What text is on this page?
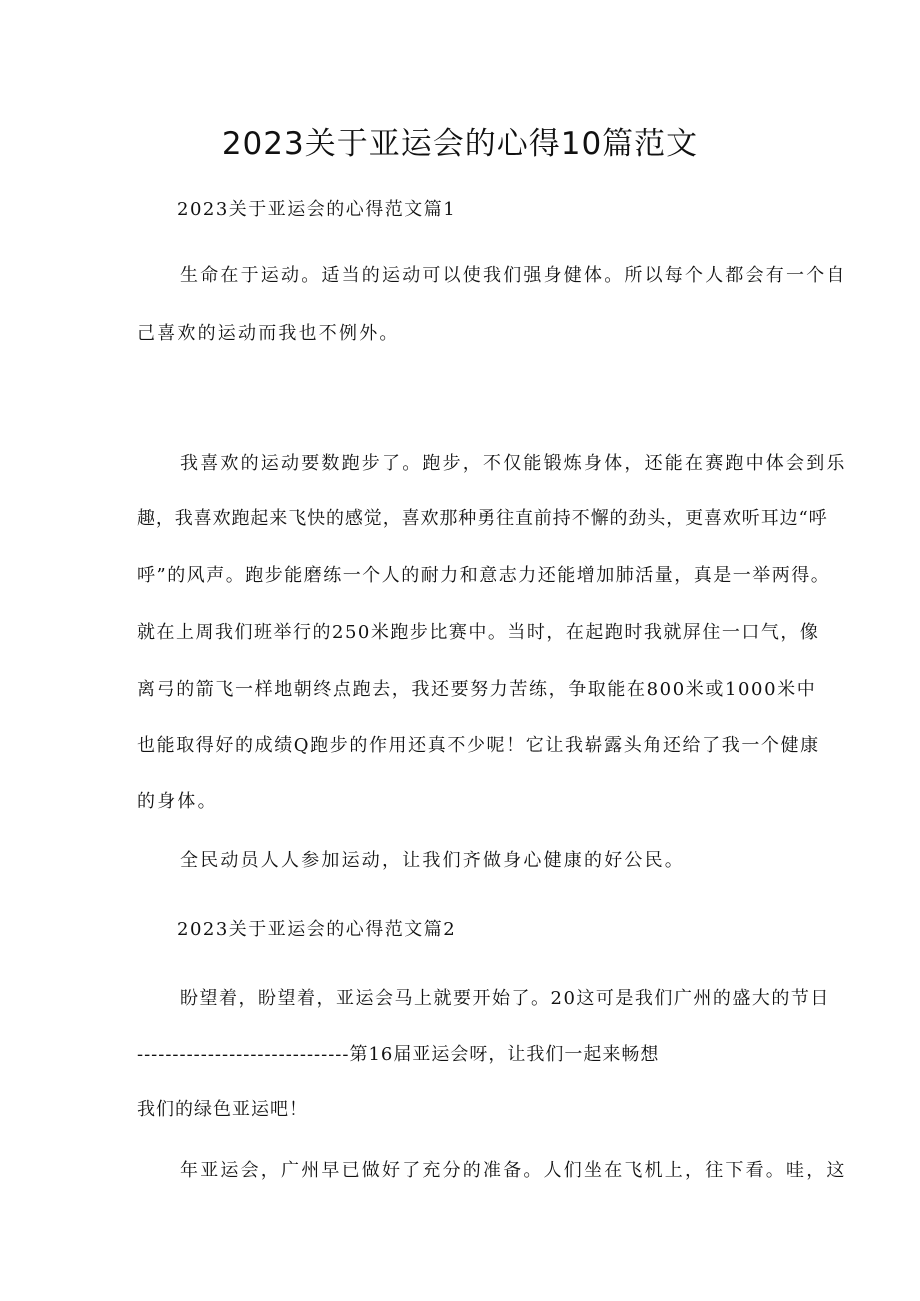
2023关于亚运会的心得10篇范文

2023关于亚运会的心得范文篇1

生命在于运动。适当的运动可以使我们强身健体。所以每个人都会有一个自

己喜欢的运动而我也不例外。

我喜欢的运动要数跑步了。跑步，不仅能锻炼身体，还能在赛跑中体会到乐

趣，我喜欢跑起来飞快的感觉，喜欢那种勇往直前持不懈的劲头，更喜欢听耳边“呼

呼”的风声。跑步能磨练一个人的耐力和意志力还能增加肺活量，真是一举两得。

就在上周我们班举行的250米跑步比赛中。当时，在起跑时我就屏住一口气，像

离弓的箭飞一样地朝终点跑去，我还要努力苦练，争取能在800米或1000米中

也能取得好的成绩Q跑步的作用还真不少呢！它让我崭露头角还给了我一个健康

的身体。

全民动员人人参加运动，让我们齐做身心健康的好公民。

2023关于亚运会的心得范文篇2

盼望着，盼望着，亚运会马上就要开始了。20这可是我们广州的盛大的节日

------------------------------第16届亚运会呀，让我们一起来畅想

我们的绿色亚运吧！

年亚运会，广州早已做好了充分的准备。人们坐在飞机上，往下看。哇，这
